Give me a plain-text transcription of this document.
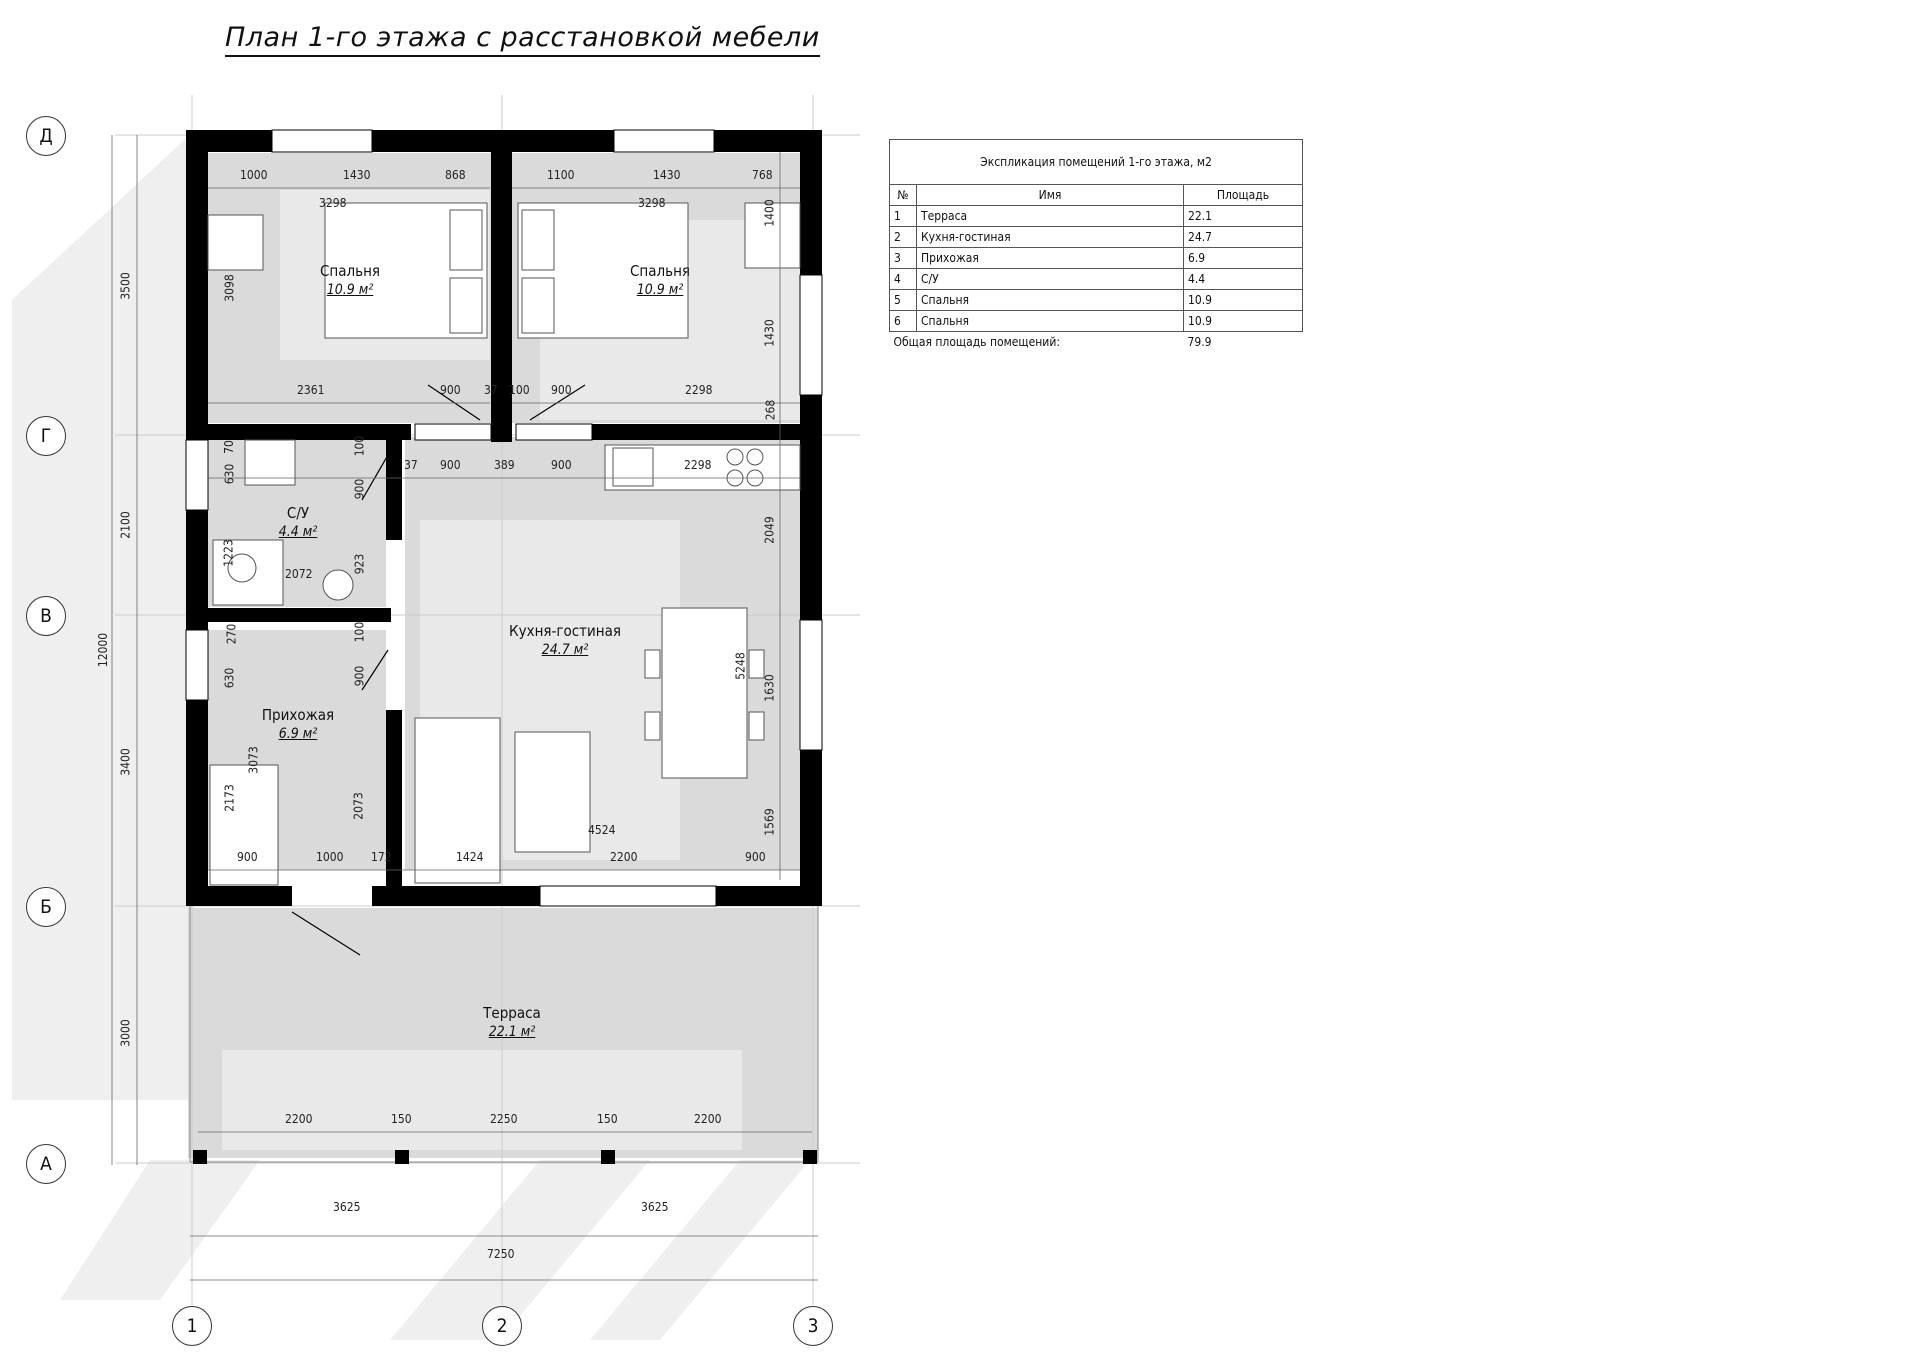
План 1-го этажа с расстановкой мебели
Д
Г
В
Б
А
1	2	3
Спальня
10.9 м²
Спальня
10.9 м²
С/У
4.4 м²
Кухня-гостиная
24.7 м²
Прихожая
6.9 м²
Терраса
22.1 м²
1000	1430	868	1100	1430	768
3298	3298
3098
1400
1430
2361	900 37 100 900	2298
268
37 900	389	900	2298
70
630
1223
100
900
923
2072
2049
1630
1569
5248
4524
270
630
3073
2173
100
900
2073
900	1000 172	1424	2200	900
2200	150	2250	150	2200
3500
2100
3400
3000
12000
3625	3625
7250
Экспликация помещений 1-го этажа, м2
№	Имя	Площадь
1	Терраса	22.1
2	Кухня-гостиная	24.7
3	Прихожая	6.9
4	С/У	4.4
5	Спальня	10.9
6	Спальня	10.9
Общая площадь помещений:		79.9
